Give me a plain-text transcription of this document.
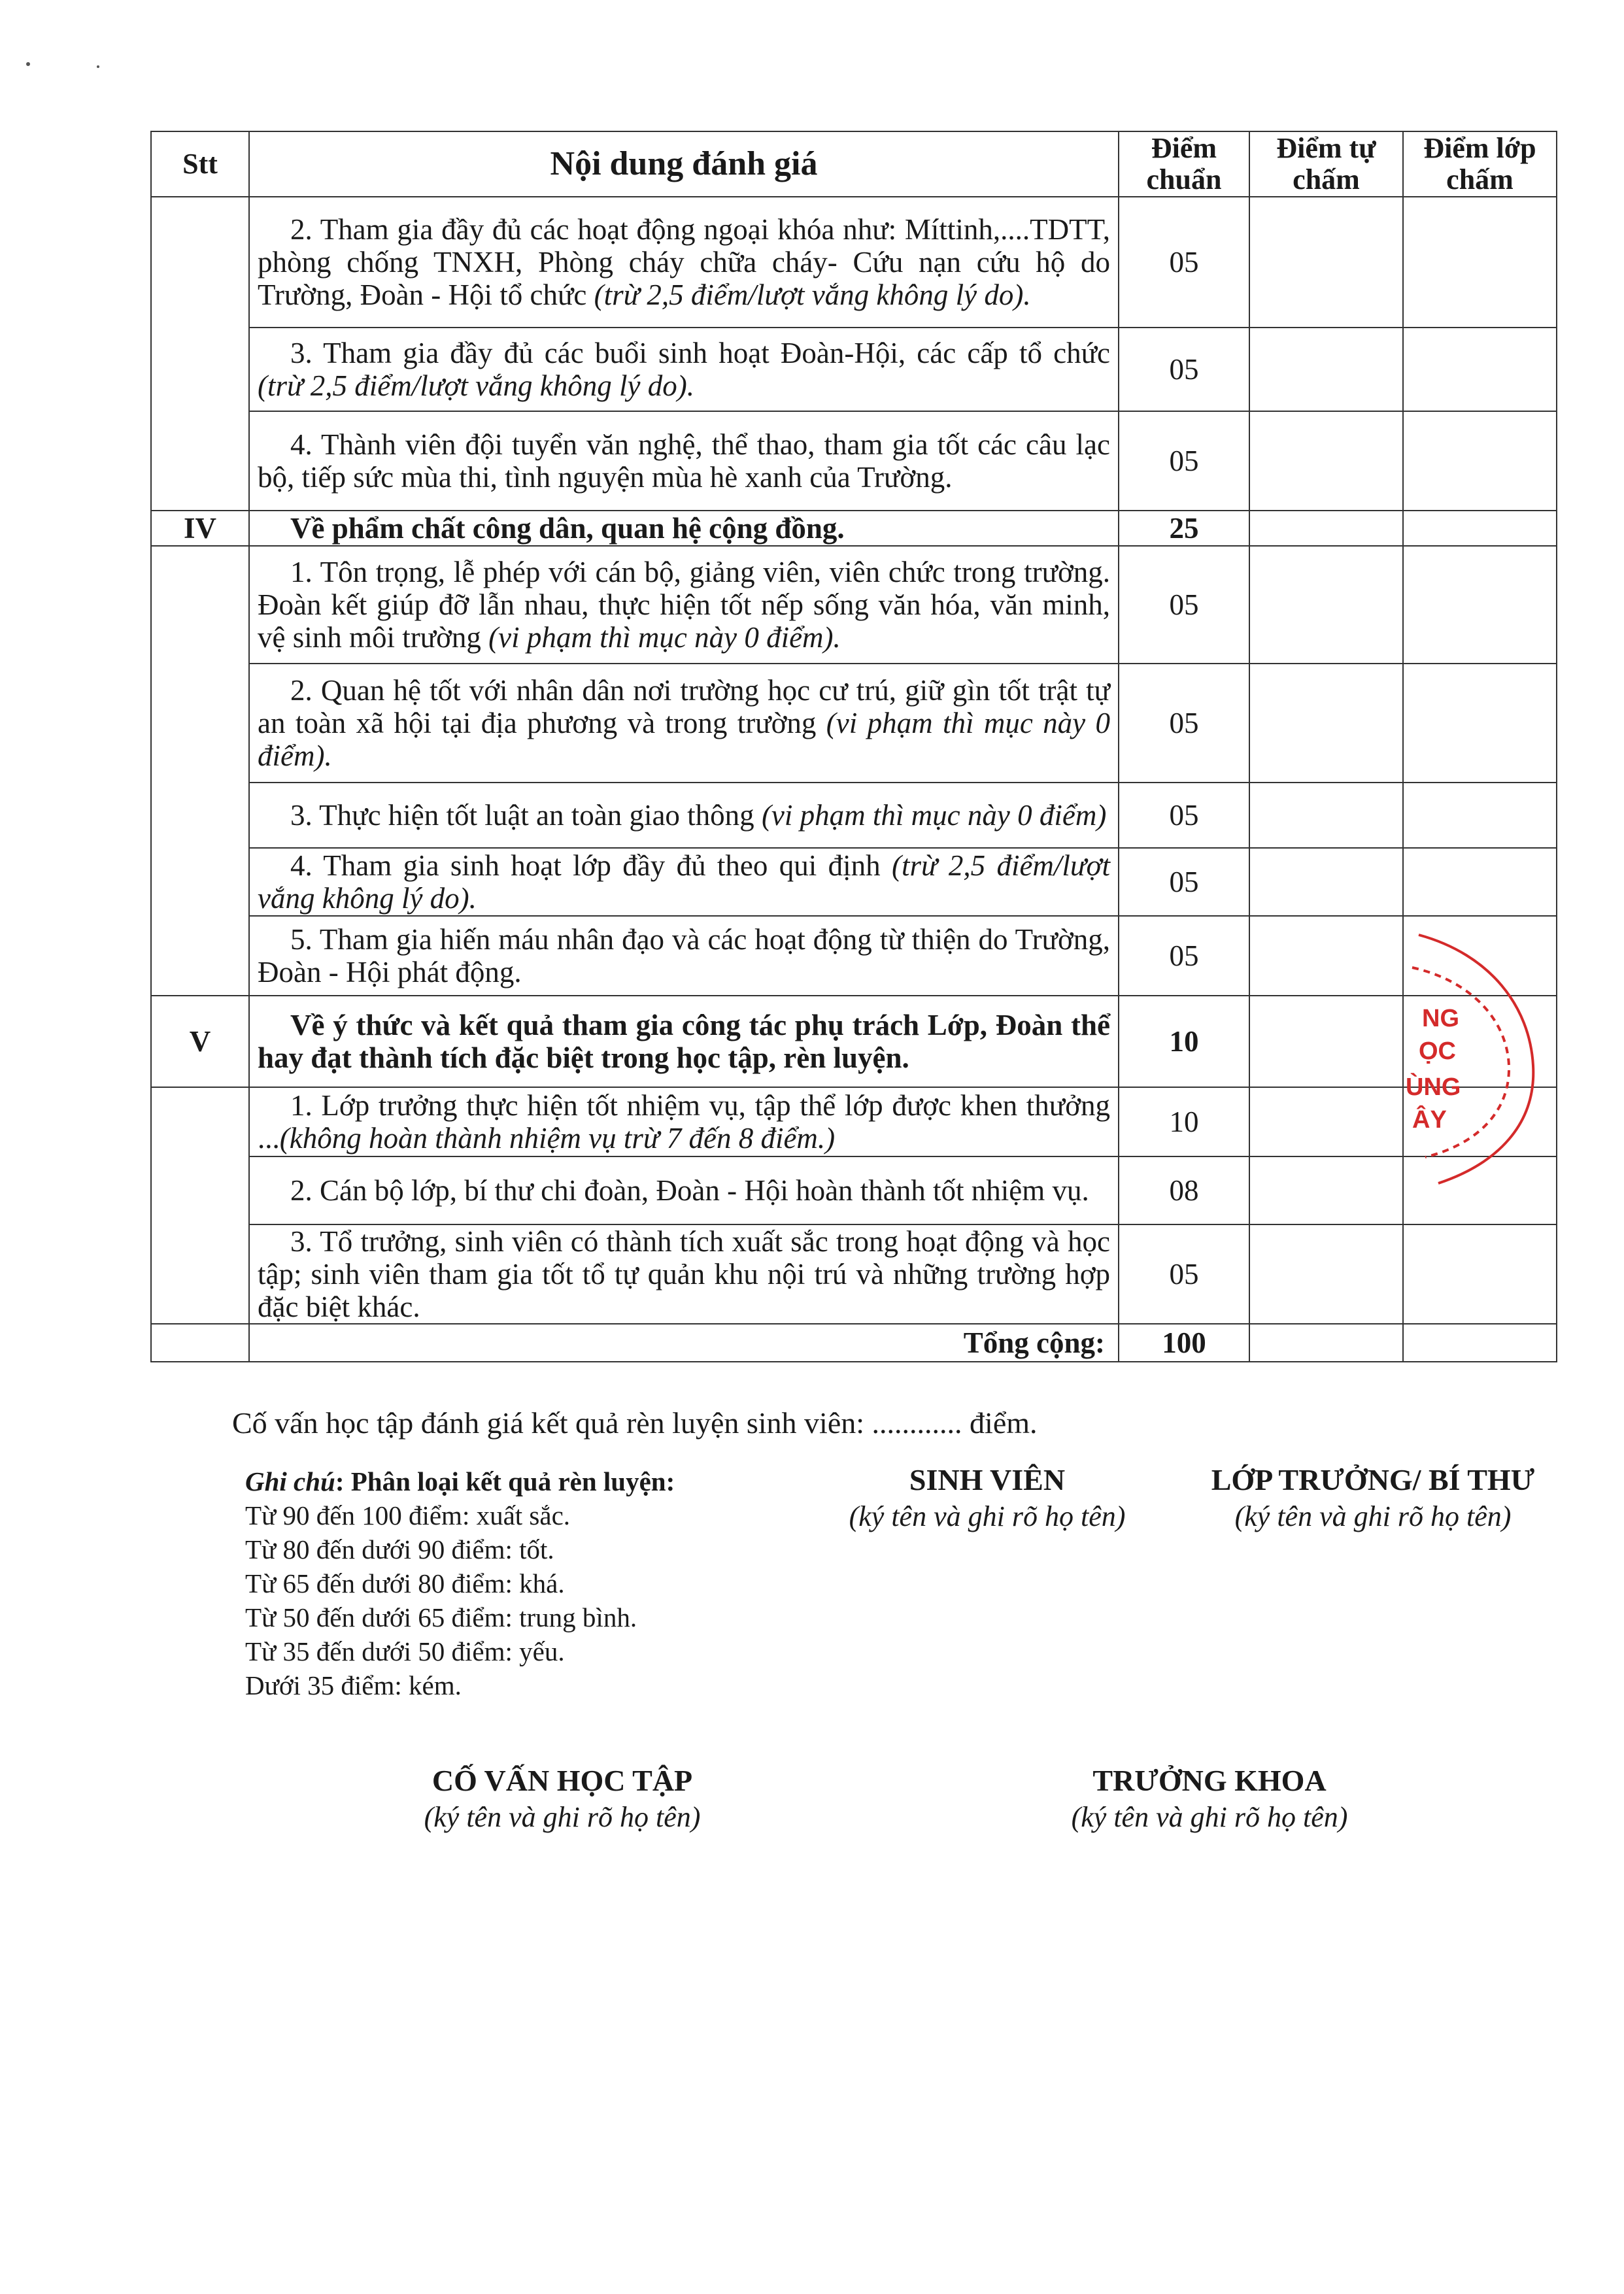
Stt	Nội dung đánh giá	Điểm chuẩn	Điểm tự chấm	Điểm lớp chấm

	2. Tham gia đầy đủ các hoạt động ngoại khóa như: Míttinh,....TDTT, phòng chống TNXH, Phòng cháy chữa cháy- Cứu nạn cứu hộ do Trường, Đoàn - Hội tổ chức (trừ 2,5 điểm/lượt vắng không lý do).	05		

	3. Tham gia đầy đủ các buổi sinh hoạt Đoàn-Hội, các cấp tổ chức (trừ 2,5 điểm/lượt vắng không lý do).	05		

	4. Thành viên đội tuyển văn nghệ, thể thao, tham gia tốt các câu lạc bộ, tiếp sức mùa thi, tình nguyện mùa hè xanh của Trường.	05		
IV	Về phẩm chất công dân, quan hệ cộng đồng.	25		

	1. Tôn trọng, lễ phép với cán bộ, giảng viên, viên chức trong trường. Đoàn kết giúp đỡ lẫn nhau, thực hiện tốt nếp sống văn hóa, văn minh, vệ sinh môi trường (vi phạm thì mục này 0 điểm).	05		

	2. Quan hệ tốt với nhân dân nơi trường học cư trú, giữ gìn tốt trật tự an toàn xã hội tại địa phương và trong trường (vi phạm thì mục này 0 điểm).	05		

	3. Thực hiện tốt luật an toàn giao thông (vi phạm thì mục này 0 điểm)	05		

	4. Tham gia sinh hoạt lớp đầy đủ theo qui định (trừ 2,5 điểm/lượt vắng không lý do).	05		

	5. Tham gia hiến máu nhân đạo và các hoạt động từ thiện do Trường, Đoàn - Hội phát động.	05		
V	Về ý thức và kết quả tham gia công tác phụ trách Lớp, Đoàn thể hay đạt thành tích đặc biệt trong học tập, rèn luyện.	10		

	1. Lớp trưởng thực hiện tốt nhiệm vụ, tập thể lớp được khen thưởng ...(không hoàn thành nhiệm vụ trừ 7 đến 8 điểm.)	10		

	2. Cán bộ lớp, bí thư chi đoàn, Đoàn - Hội hoàn thành tốt nhiệm vụ.	08		

	3. Tổ trưởng, sinh viên có thành tích xuất sắc trong hoạt động và học tập; sinh viên tham gia tốt tổ tự quản khu nội trú và những trường hợp đặc biệt khác.	05		
	Tổng cộng:	100		
NG
ỌC
ÙNG
ÂY
Cố vấn học tập đánh giá kết quả rèn luyện sinh viên: ............ điểm.
Ghi chú: Phân loại kết quả rèn luyện:
Từ 90 đến 100 điểm: xuất sắc.
Từ 80 đến dưới 90 điểm: tốt.
Từ 65 đến dưới 80 điểm: khá.
Từ 50 đến dưới 65 điểm: trung bình.
Từ 35 đến dưới 50 điểm: yếu.
Dưới 35 điểm: kém.
SINH VIÊN
(ký tên và ghi rõ họ tên)
LỚP TRƯỞNG/ BÍ THƯ
(ký tên và ghi rõ họ tên)
CỐ VẤN HỌC TẬP
(ký tên và ghi rõ họ tên)
TRƯỞNG KHOA
(ký tên và ghi rõ họ tên)
